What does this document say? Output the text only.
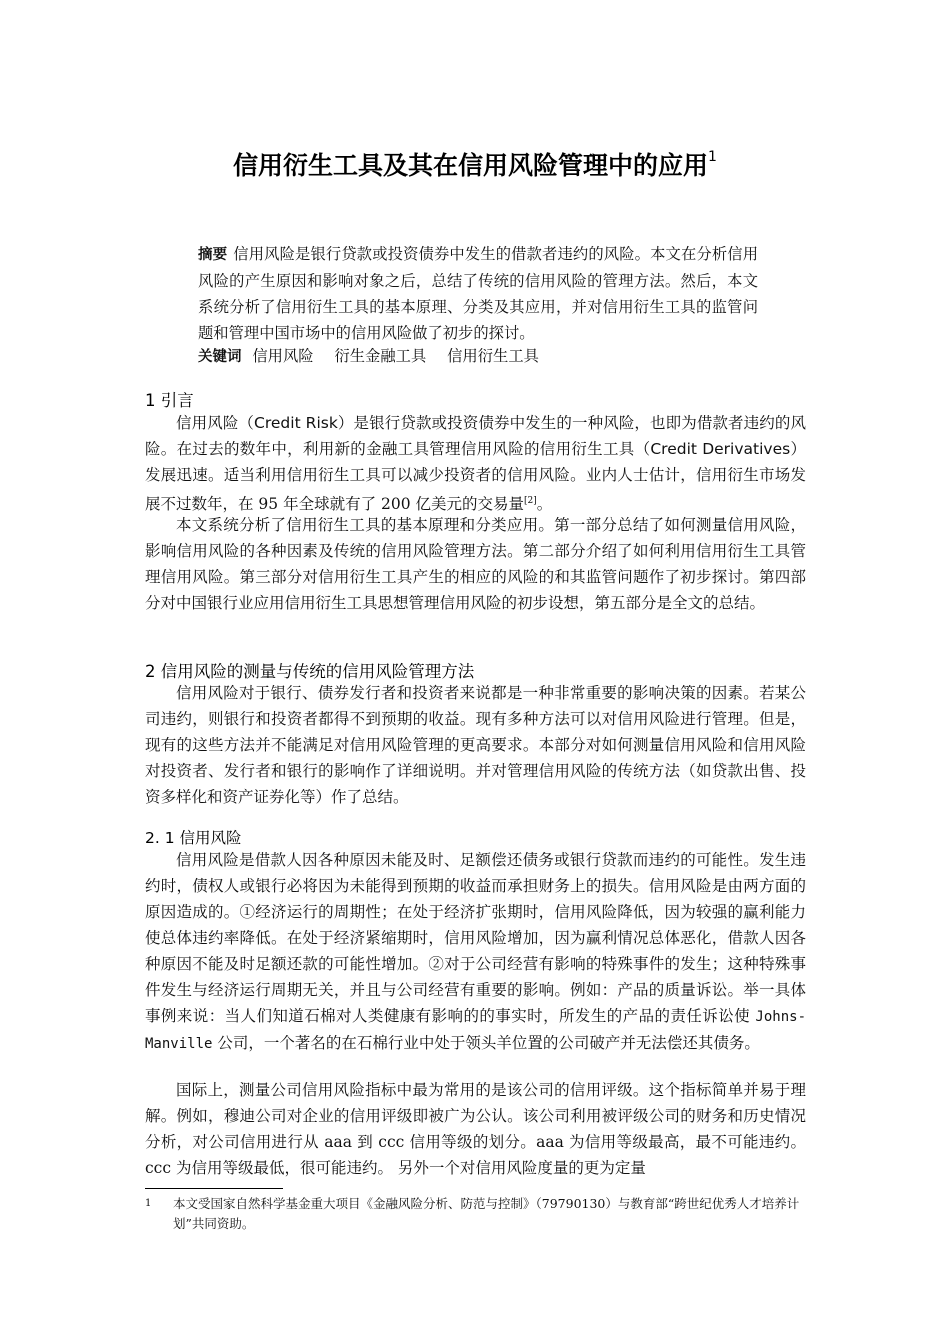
信用衍生工具及其在信用风险管理中的应用$^1$
摘要 信用风险是银行贷款或投资债券中发生的借款者违约的风险。本文在分析信用风险的产生原因和影响对象之后，总结了传统的信用风险的管理方法。然后，本文系统分析了信用衍生工具的基本原理、分类及其应用，并对信用衍生工具的监管问题和管理中国市场中的信用风险做了初步的探讨。
关键词 信用风险 衍生金融工具 信用衍生工具
1 引言

信用风险（Credit Risk）是银行贷款或投资债券中发生的一种风险，也即为借款者违约的风险。在过去的数年中，利用新的金融工具管理信用风险的信用衍生工具（Credit Derivatives）发展迅速。适当利用信用衍生工具可以减少投资者的信用风险。业内人士估计，信用衍生市场发展不过数年，在 95 年全球就有了 200 亿美元的交易量[2]。

本文系统分析了信用衍生工具的基本原理和分类应用。第一部分总结了如何测量信用风险，影响信用风险的各种因素及传统的信用风险管理方法。第二部分介绍了如何利用信用衍生工具管理信用风险。第三部分对信用衍生工具产生的相应的风险的和其监管问题作了初步探讨。第四部分对中国银行业应用信用衍生工具思想管理信用风险的初步设想，第五部分是全文的总结。

2 信用风险的测量与传统的信用风险管理方法

信用风险对于银行、债券发行者和投资者来说都是一种非常重要的影响决策的因素。若某公司违约，则银行和投资者都得不到预期的收益。现有多种方法可以对信用风险进行管理。但是，现有的这些方法并不能满足对信用风险管理的更高要求。本部分对如何测量信用风险和信用风险对投资者、发行者和银行的影响作了详细说明。并对管理信用风险的传统方法（如贷款出售、投资多样化和资产证券化等）作了总结。

2. 1 信用风险

信用风险是借款人因各种原因未能及时、足额偿还债务或银行贷款而违约的可能性。发生违约时，债权人或银行必将因为未能得到预期的收益而承担财务上的损失。信用风险是由两方面的原因造成的。①经济运行的周期性；在处于经济扩张期时，信用风险降低，因为较强的赢利能力使总体违约率降低。在处于经济紧缩期时，信用风险增加，因为赢利情况总体恶化，借款人因各种原因不能及时足额还款的可能性增加。②对于公司经营有影响的特殊事件的发生；这种特殊事件发生与经济运行周期无关，并且与公司经营有重要的影响。例如：产品的质量诉讼。举一具体事例来说：当人们知道石棉对人类健康有影响的的事实时，所发生的产品的责任诉讼使 Johns-Manville 公司，一个著名的在石棉行业中处于领头羊位置的公司破产并无法偿还其债务。

国际上，测量公司信用风险指标中最为常用的是该公司的信用评级。这个指标简单并易于理解。例如，穆迪公司对企业的信用评级即被广为公认。该公司利用被评级公司的财务和历史情况分析，对公司信用进行从 aaa 到 ccc 信用等级的划分。aaa 为信用等级最高，最不可能违约。ccc 为信用等级最低，很可能违约。 另外一个对信用风险度量的更为定量

1 本文受国家自然科学基金重大项目《金融风险分析、防范与控制》（79790130）与教育部“跨世纪优秀人才培养计划”共同资助。
